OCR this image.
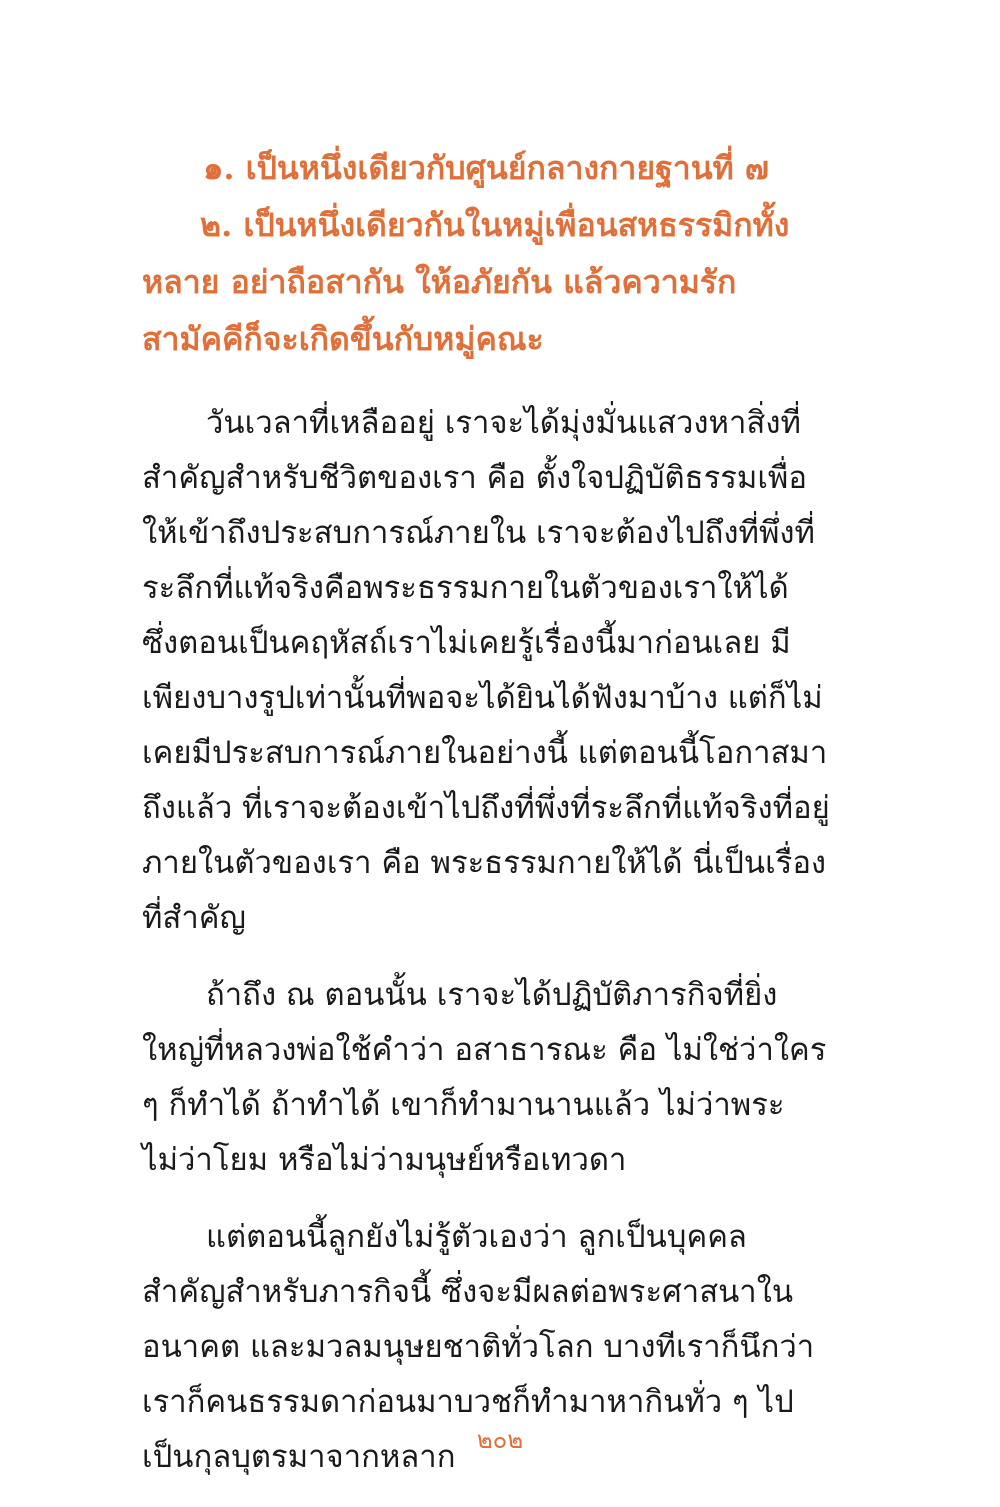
๑. เป็นหนึ่งเดียวกับศูนย์กลางกายฐานที่ ๗

๒. เป็นหนึ่งเดียวกันในหมู่เพื่อนสหธรรมิกทั้งหลาย อย่าถือสากัน ให้อภัยกัน แล้วความรักสามัคคีก็จะเกิดขึ้นกับหมู่คณะ

วันเวลาที่เหลืออยู่ เราจะได้มุ่งมั่นแสวงหาสิ่งที่สำคัญสำหรับชีวิตของเรา คือ ตั้งใจปฏิบัติธรรมเพื่อให้เข้าถึงประสบการณ์ภายใน เราจะต้องไปถึงที่พึ่งที่ระลึกที่แท้จริงคือพระธรรมกายในตัวของเราให้ได้ ซึ่งตอนเป็นคฤหัสถ์เราไม่เคยรู้เรื่องนี้มาก่อนเลย มีเพียงบางรูปเท่านั้นที่พอจะได้ยินได้ฟังมาบ้าง แต่ก็ไม่เคยมีประสบการณ์ภายในอย่างนี้ แต่ตอนนี้โอกาสมาถึงแล้ว ที่เราจะต้องเข้าไปถึงที่พึ่งที่ระลึกที่แท้จริงที่อยู่ภายในตัวของเรา คือ พระธรรมกายให้ได้ นี่เป็นเรื่องที่สำคัญ

ถ้าถึง ณ ตอนนั้น เราจะได้ปฏิบัติภารกิจที่ยิ่งใหญ่ที่หลวงพ่อใช้คำว่า อสาธารณะ คือ ไม่ใช่ว่าใคร ๆ ก็ทำได้ ถ้าทำได้ เขาก็ทำมานานแล้ว ไม่ว่าพระ ไม่ว่าโยม หรือไม่ว่ามนุษย์หรือเทวดา

แต่ตอนนี้ลูกยังไม่รู้ตัวเองว่า ลูกเป็นบุคคลสำคัญสำหรับภารกิจนี้ ซึ่งจะมีผลต่อพระศาสนาในอนาคต และมวลมนุษยชาติทั่วโลก บางทีเราก็นึกว่า เราก็คนธรรมดาก่อนมาบวชก็ทำมาหากินทั่ว ๆ ไป เป็นกุลบุตรมาจากหลาก ๒๐๒
